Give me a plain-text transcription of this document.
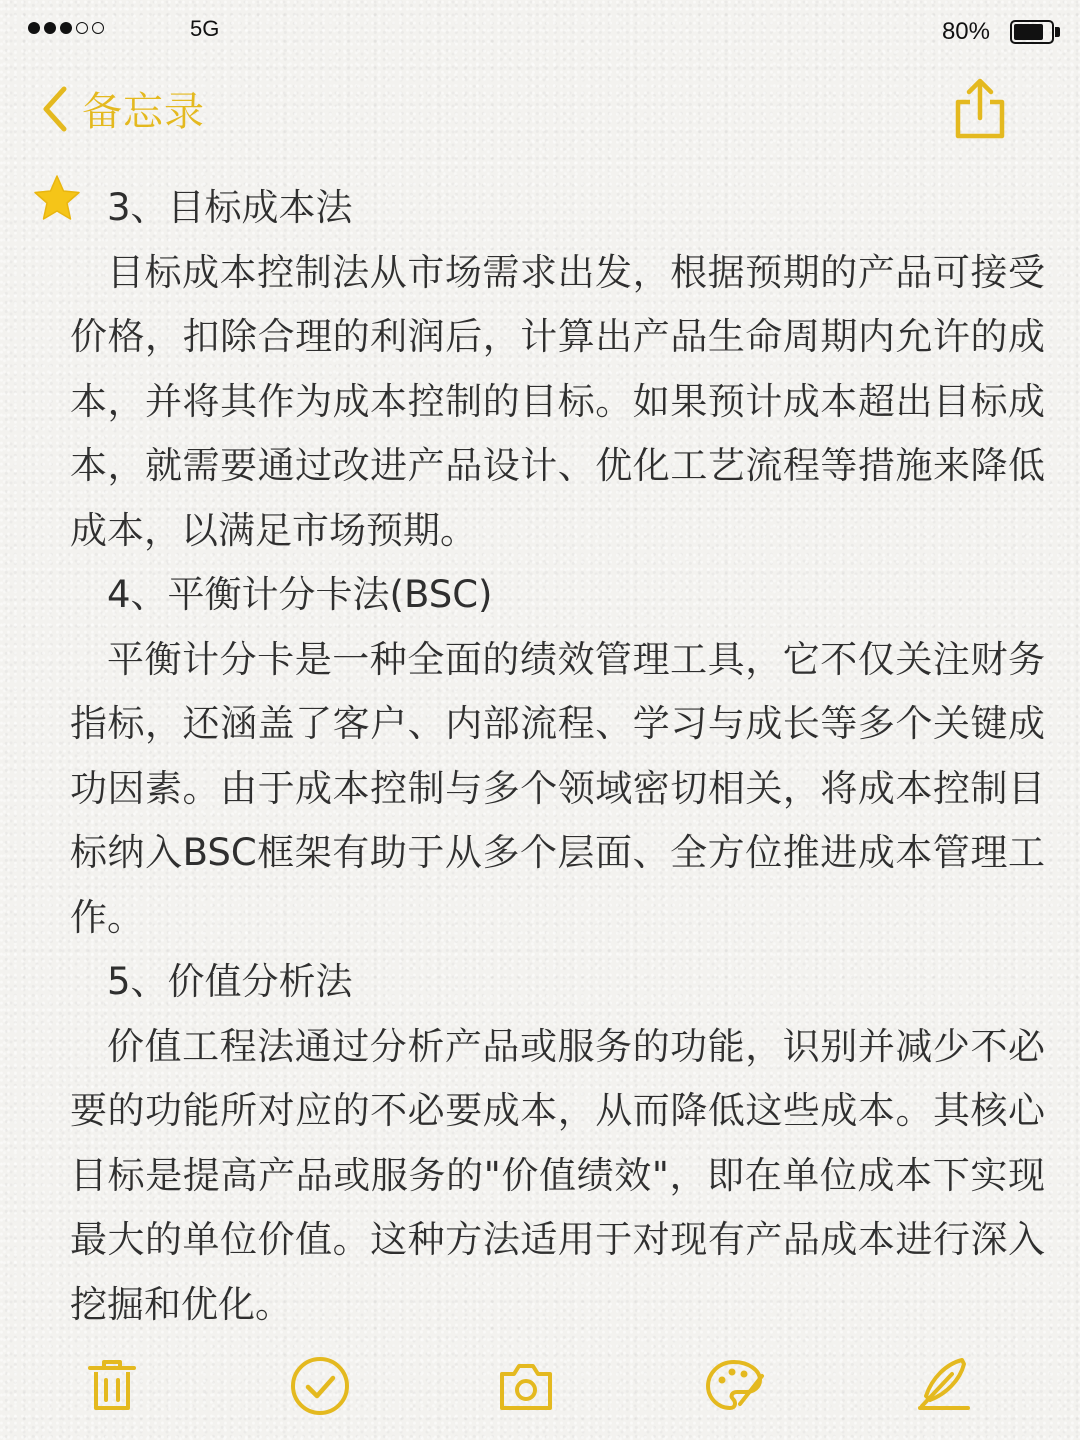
5G	80%
备忘录

3、目标成本法

目标成本控制法从市场需求出发，根据预期的产品可接受价格，扣除合理的利润后，计算出产品生命周期内允许的成本，并将其作为成本控制的目标。如果预计成本超出目标成本，就需要通过改进产品设计、优化工艺流程等措施来降低成本，以满足市场预期。

4、平衡计分卡法(BSC)

平衡计分卡是一种全面的绩效管理工具，它不仅关注财务指标，还涵盖了客户、内部流程、学习与成长等多个关键成功因素。由于成本控制与多个领域密切相关，将成本控制目标纳入BSC框架有助于从多个层面、全方位推进成本管理工作。

5、价值分析法

价值工程法通过分析产品或服务的功能，识别并减少不必要的功能所对应的不必要成本，从而降低这些成本。其核心目标是提高产品或服务的"价值绩效"，即在单位成本下实现最大的单位价值。这种方法适用于对现有产品成本进行深入挖掘和优化。
